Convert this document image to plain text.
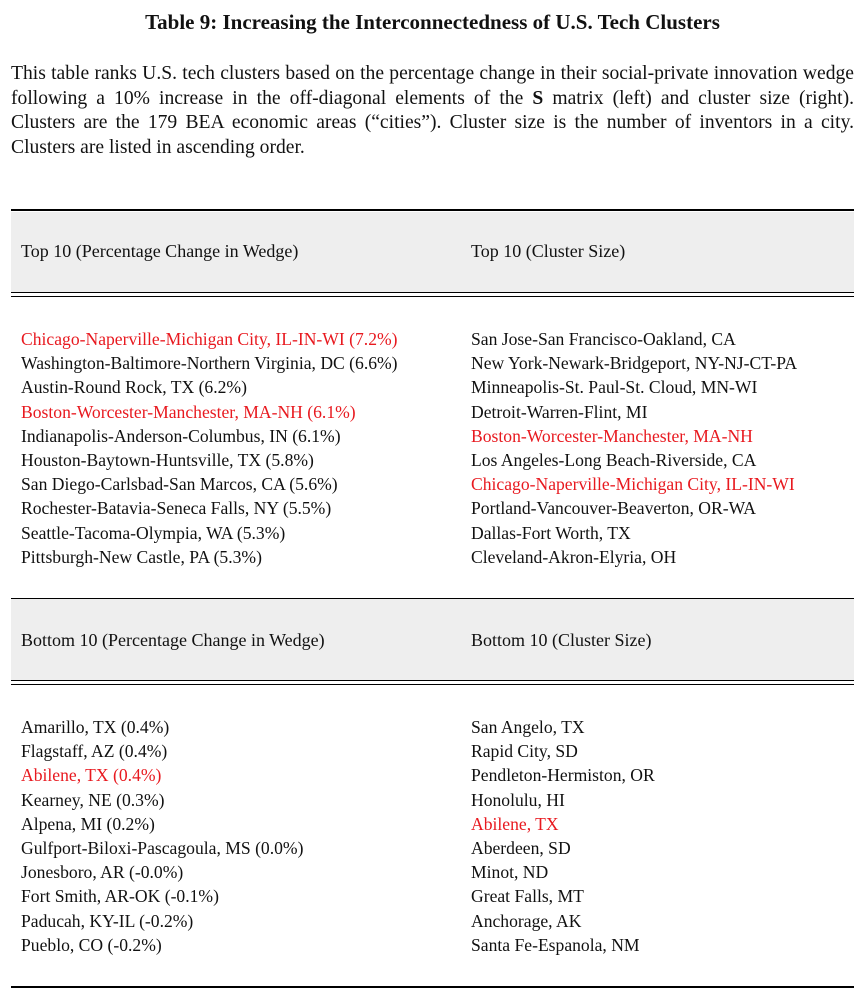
Table 9: Increasing the Interconnectedness of U.S. Tech Clusters
This table ranks U.S. tech clusters based on the percentage change in their social-private innovation wedge following a 10% increase in the off-diagonal elements of the S matrix (left) and cluster size (right). Clusters are the 179 BEA economic areas (“cities”). Cluster size is the number of inventors in a city. Clusters are listed in ascending order.
Top 10 (Percentage Change in Wedge)	Top 10 (Cluster Size)
Chicago-Naperville-Michigan City, IL-IN-WI (7.2%)
Washington-Baltimore-Northern Virginia, DC (6.6%)
Austin-Round Rock, TX (6.2%)
Boston-Worcester-Manchester, MA-NH (6.1%)
Indianapolis-Anderson-Columbus, IN (6.1%)
Houston-Baytown-Huntsville, TX (5.8%)
San Diego-Carlsbad-San Marcos, CA (5.6%)
Rochester-Batavia-Seneca Falls, NY (5.5%)
Seattle-Tacoma-Olympia, WA (5.3%)
Pittsburgh-New Castle, PA (5.3%)
San Jose-San Francisco-Oakland, CA
New York-Newark-Bridgeport, NY-NJ-CT-PA
Minneapolis-St. Paul-St. Cloud, MN-WI
Detroit-Warren-Flint, MI
Boston-Worcester-Manchester, MA-NH
Los Angeles-Long Beach-Riverside, CA
Chicago-Naperville-Michigan City, IL-IN-WI
Portland-Vancouver-Beaverton, OR-WA
Dallas-Fort Worth, TX
Cleveland-Akron-Elyria, OH
Bottom 10 (Percentage Change in Wedge)	Bottom 10 (Cluster Size)
Amarillo, TX (0.4%)
Flagstaff, AZ (0.4%)
Abilene, TX (0.4%)
Kearney, NE (0.3%)
Alpena, MI (0.2%)
Gulfport-Biloxi-Pascagoula, MS (0.0%)
Jonesboro, AR (-0.0%)
Fort Smith, AR-OK (-0.1%)
Paducah, KY-IL (-0.2%)
Pueblo, CO (-0.2%)
San Angelo, TX
Rapid City, SD
Pendleton-Hermiston, OR
Honolulu, HI
Abilene, TX
Aberdeen, SD
Minot, ND
Great Falls, MT
Anchorage, AK
Santa Fe-Espanola, NM
